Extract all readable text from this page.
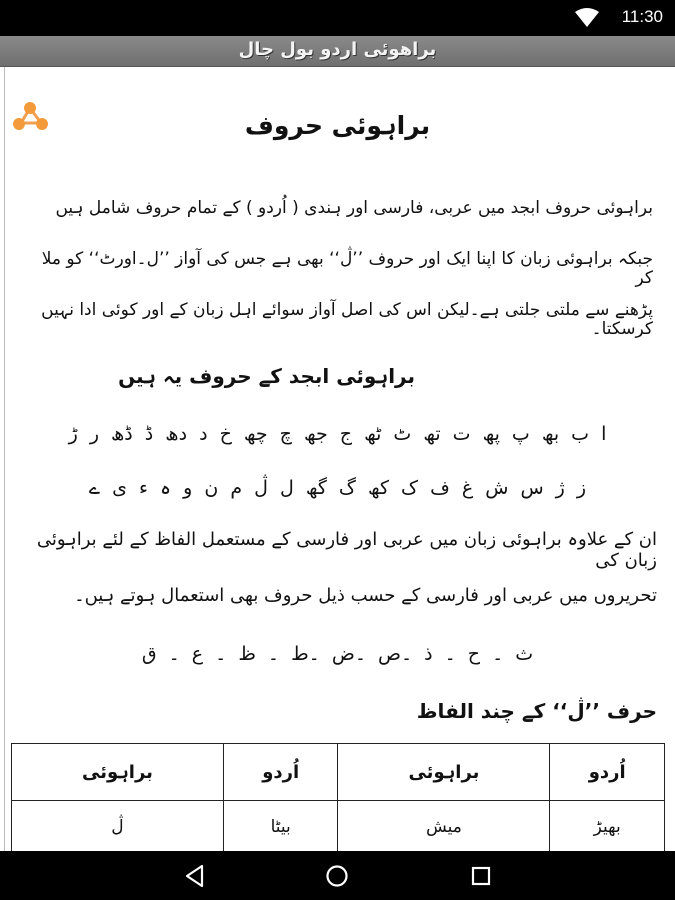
11:30
براهوئی اردو بول چال
براہوئی حروف
براہوئی حروف ابجد میں عربی، فارسی اور ہندی ( اُردو ) کے تمام حروف شامل ہیں
جبکہ براہوئی زبان کا اپنا ایک اور حروف ’’ڷ‘‘ بھی ہے جس کی آواز ’’ل۔اورٹ‘‘ کو ملا کر
پڑھنے سے ملتی جلتی ہے۔لیکن اس کی اصل آواز سوائے اہل زبان کے اور کوئی ادا نہیں کرسکتا۔
براہوئی ابجد کے حروف یہ ہیں
ا ب بھ پ پھ ت تھ ٹ ٹھ ج جھ چ چھ خ د دھ ڈ ڈھ ر ڑ
ز ژ س ش غ ف ک کھ گ گھ ل ڷ م ن و ہ ء ی ے
ان کے علاوہ براہوئی زبان میں عربی اور فارسی کے مستعمل الفاظ کے لئے براہوئی زبان کی
تحریروں میں عربی اور فارسی کے حسب ذیل حروف بھی استعمال ہوتے ہیں۔
ث ۔ ح ۔ ذ ۔ص ۔ض ۔ط ۔ ظ ۔ ع ۔ ق
حرف ’’ڷ‘‘ کے چند الفاظ
براہوئی	اُردو	براہوئی	اُردو
ڷ	بیٹا	میش	بھیڑ
